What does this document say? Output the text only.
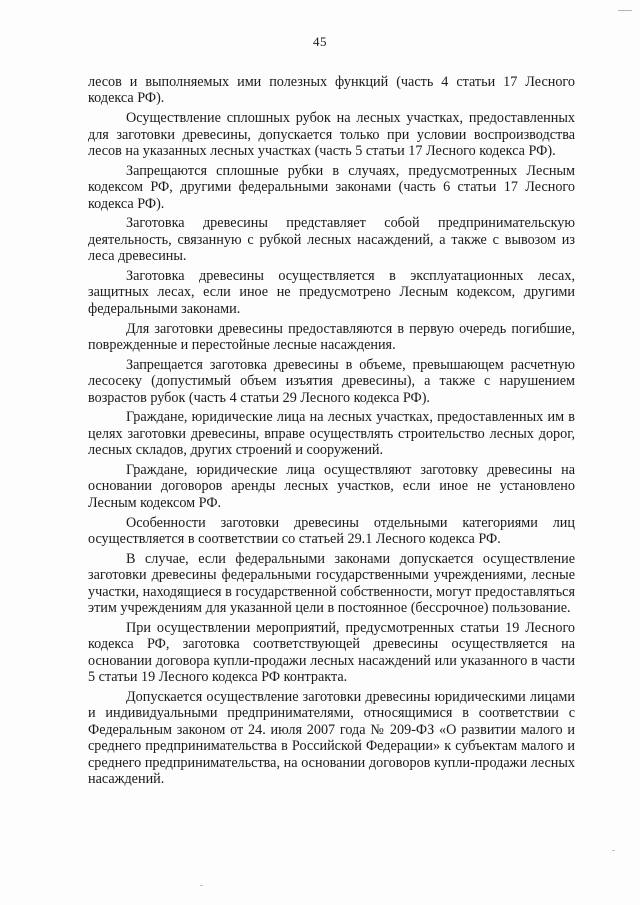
45

лесов и выполняемых ими полезных функций (часть 4 статьи 17 Лесного кодекса РФ).

Осуществление сплошных рубок на лесных участках, предоставленных для заготовки древесины, допускается только при условии воспроизводства лесов на указанных лесных участках (часть 5 статьи 17 Лесного кодекса РФ).

Запрещаются сплошные рубки в случаях, предусмотренных Лесным кодексом РФ, другими федеральными законами (часть 6 статьи 17 Лесного кодекса РФ).

Заготовка древесины представляет собой предпринимательскую деятельность, связанную с рубкой лесных насаждений, а также с вывозом из леса древесины.

Заготовка древесины осуществляется в эксплуатационных лесах, защитных лесах, если иное не предусмотрено Лесным кодексом, другими федеральными законами.

Для заготовки древесины предоставляются в первую очередь погибшие, поврежденные и перестойные лесные насаждения.

Запрещается заготовка древесины в объеме, превышающем расчетную лесосеку (допустимый объем изъятия древесины), а также с нарушением возрастов рубок (часть 4 статьи 29 Лесного кодекса РФ).

Граждане, юридические лица на лесных участках, предоставленных им в целях заготовки древесины, вправе осуществлять строительство лесных дорог, лесных складов, других строений и сооружений.

Граждане, юридические лица осуществляют заготовку древесины на основании договоров аренды лесных участков, если иное не установлено Лесным кодексом РФ.

Особенности заготовки древесины отдельными категориями лиц осуществляется в соответствии со статьей 29.1 Лесного кодекса РФ.

В случае, если федеральными законами допускается осуществление заготовки древесины федеральными государственными учреждениями, лесные участки, находящиеся в государственной собственности, могут предоставляться этим учреждениям для указанной цели в постоянное (бессрочное) пользование.

При осуществлении мероприятий, предусмотренных статьи 19 Лесного кодекса РФ, заготовка соответствующей древесины осуществляется на основании договора купли-продажи лесных насаждений или указанного в части 5 статьи 19 Лесного кодекса РФ контракта.

Допускается осуществление заготовки древесины юридическими лицами и индивидуальными предпринимателями, относящимися в соответствии с Федеральным законом от 24. июля 2007 года № 209-ФЗ «О развитии малого и среднего предпринимательства в Российской Федерации» к субъектам малого и среднего предпринимательства, на основании договоров купли-продажи лесных насаждений.
